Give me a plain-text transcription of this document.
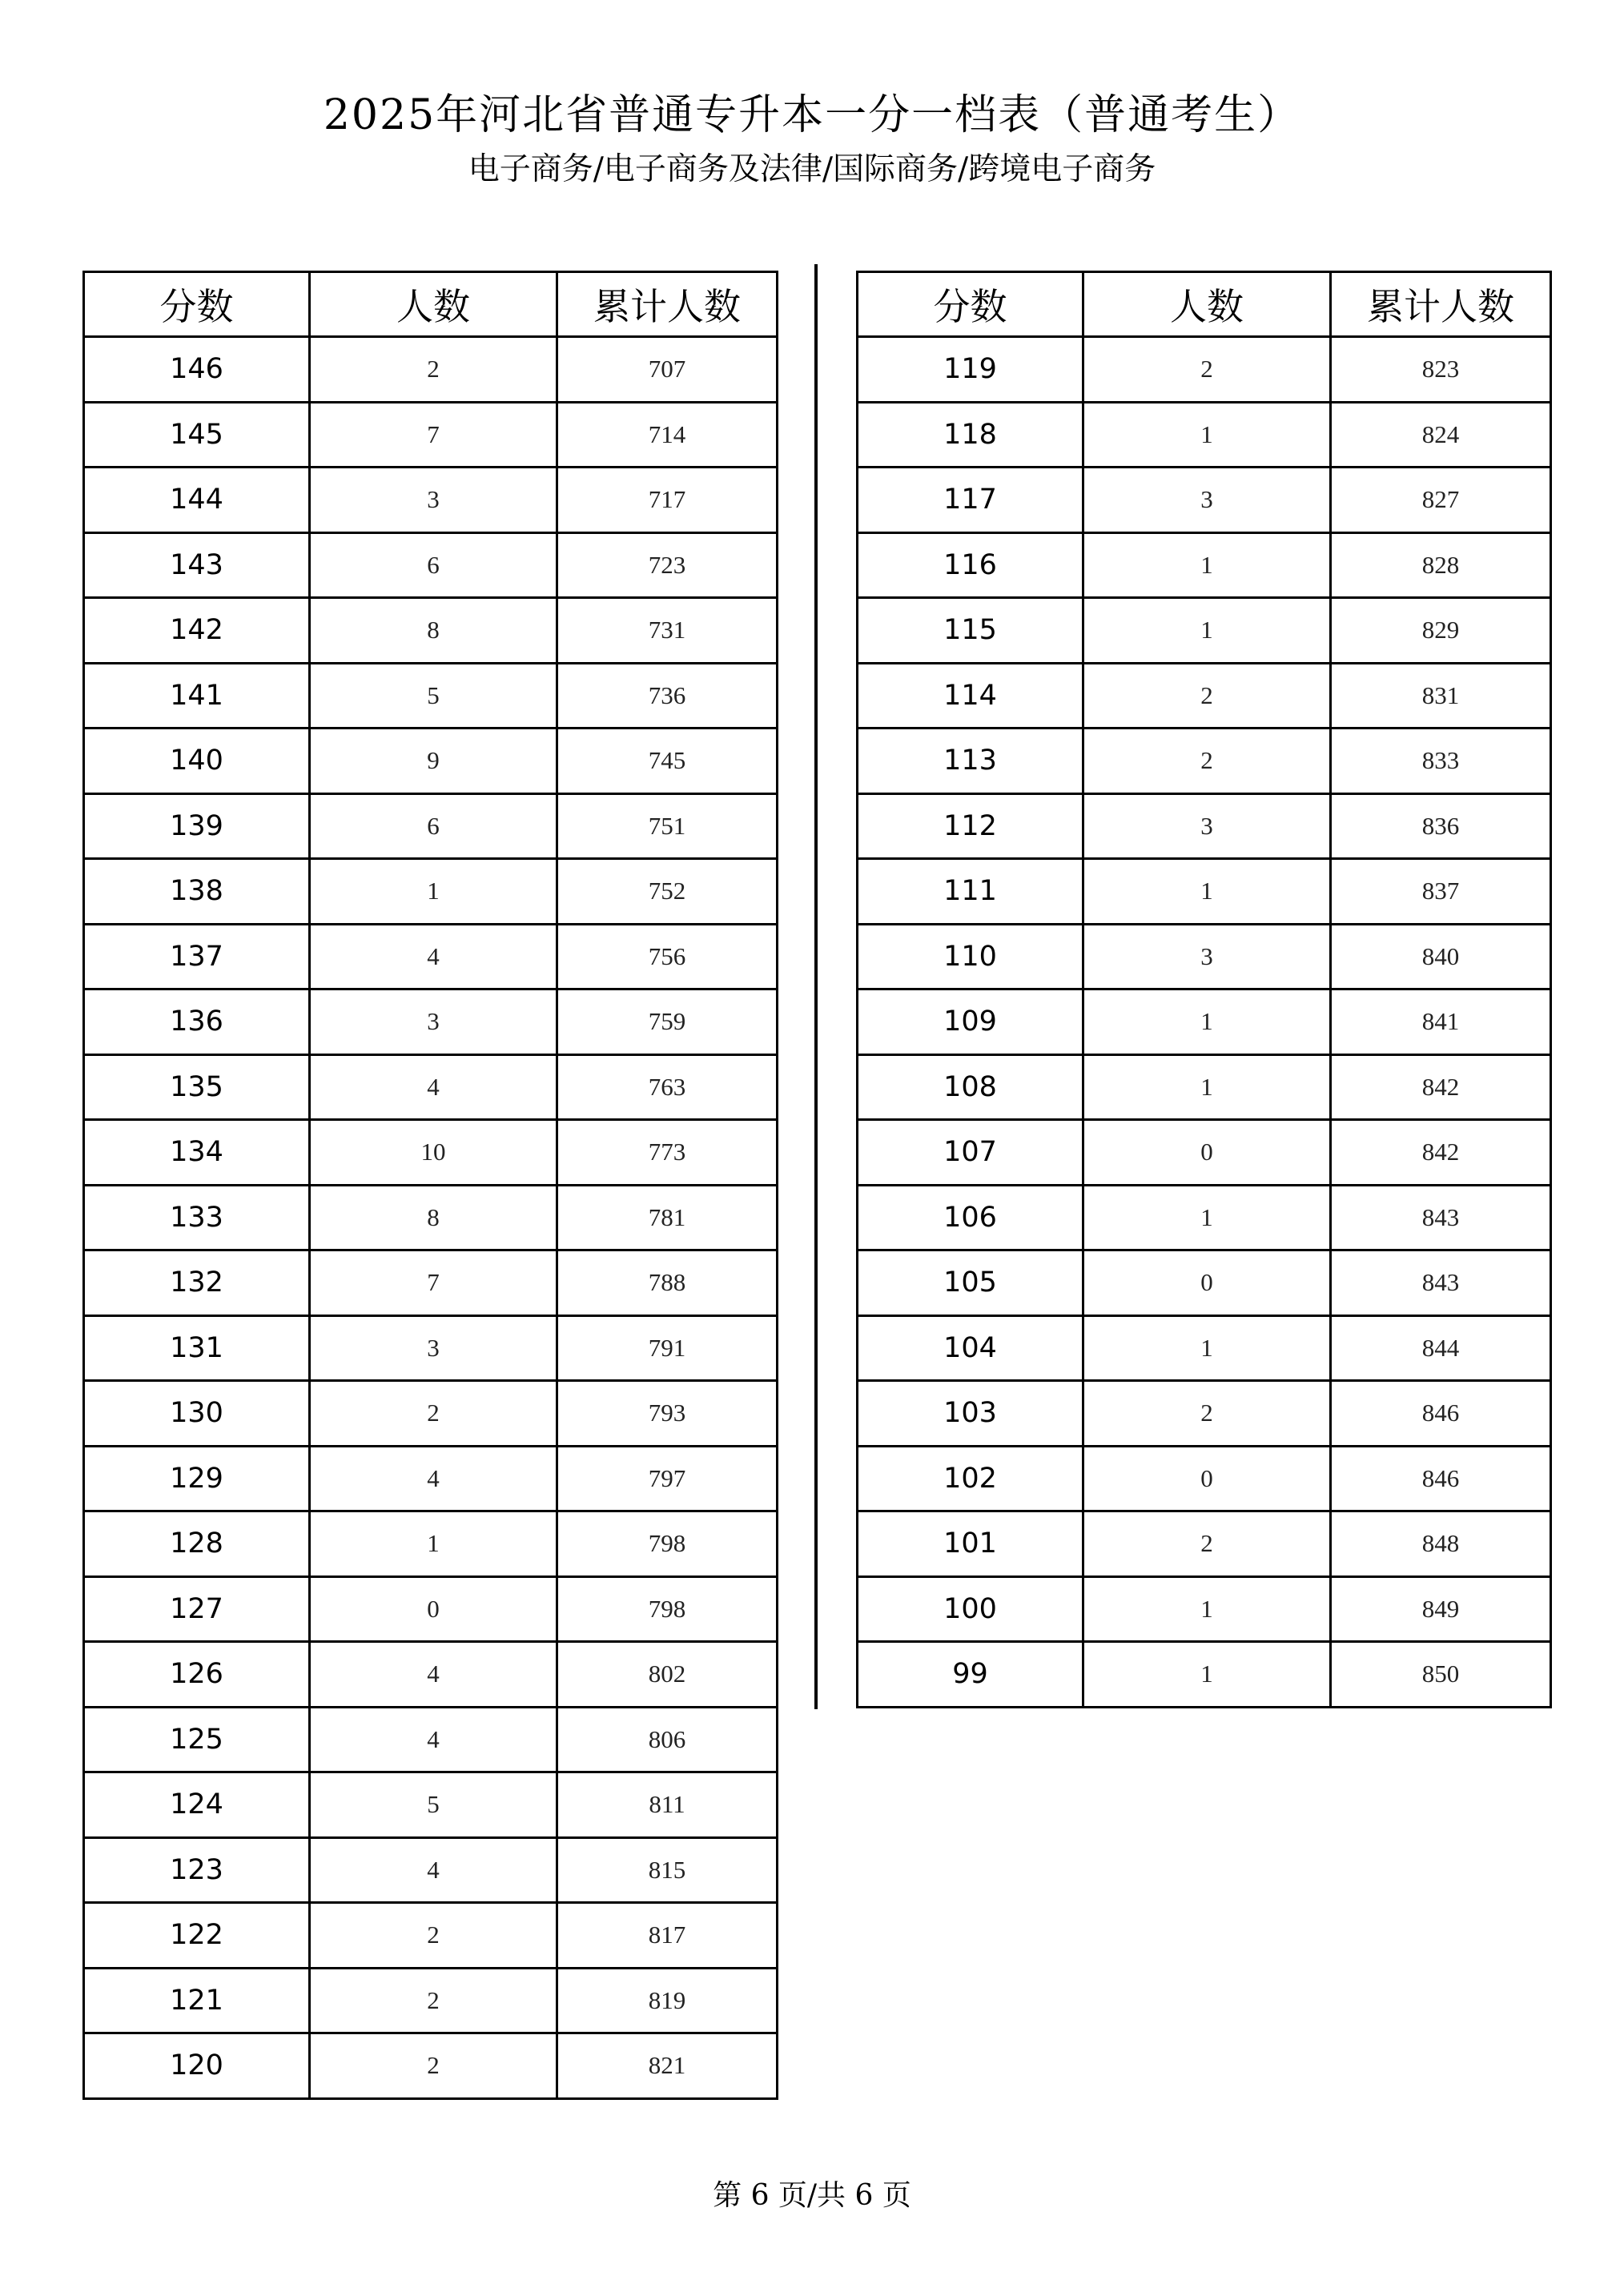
2025年河北省普通专升本一分一档表（普通考生）
电子商务/电子商务及法律/国际商务/跨境电子商务
分数	人数	累计人数
146	2	707
145	7	714
144	3	717
143	6	723
142	8	731
141	5	736
140	9	745
139	6	751
138	1	752
137	4	756
136	3	759
135	4	763
134	10	773
133	8	781
132	7	788
131	3	791
130	2	793
129	4	797
128	1	798
127	0	798
126	4	802
125	4	806
124	5	811
123	4	815
122	2	817
121	2	819
120	2	821
分数	人数	累计人数
119	2	823
118	1	824
117	3	827
116	1	828
115	1	829
114	2	831
113	2	833
112	3	836
111	1	837
110	3	840
109	1	841
108	1	842
107	0	842
106	1	843
105	0	843
104	1	844
103	2	846
102	0	846
101	2	848
100	1	849
99	1	850
第 6 页/共 6 页
